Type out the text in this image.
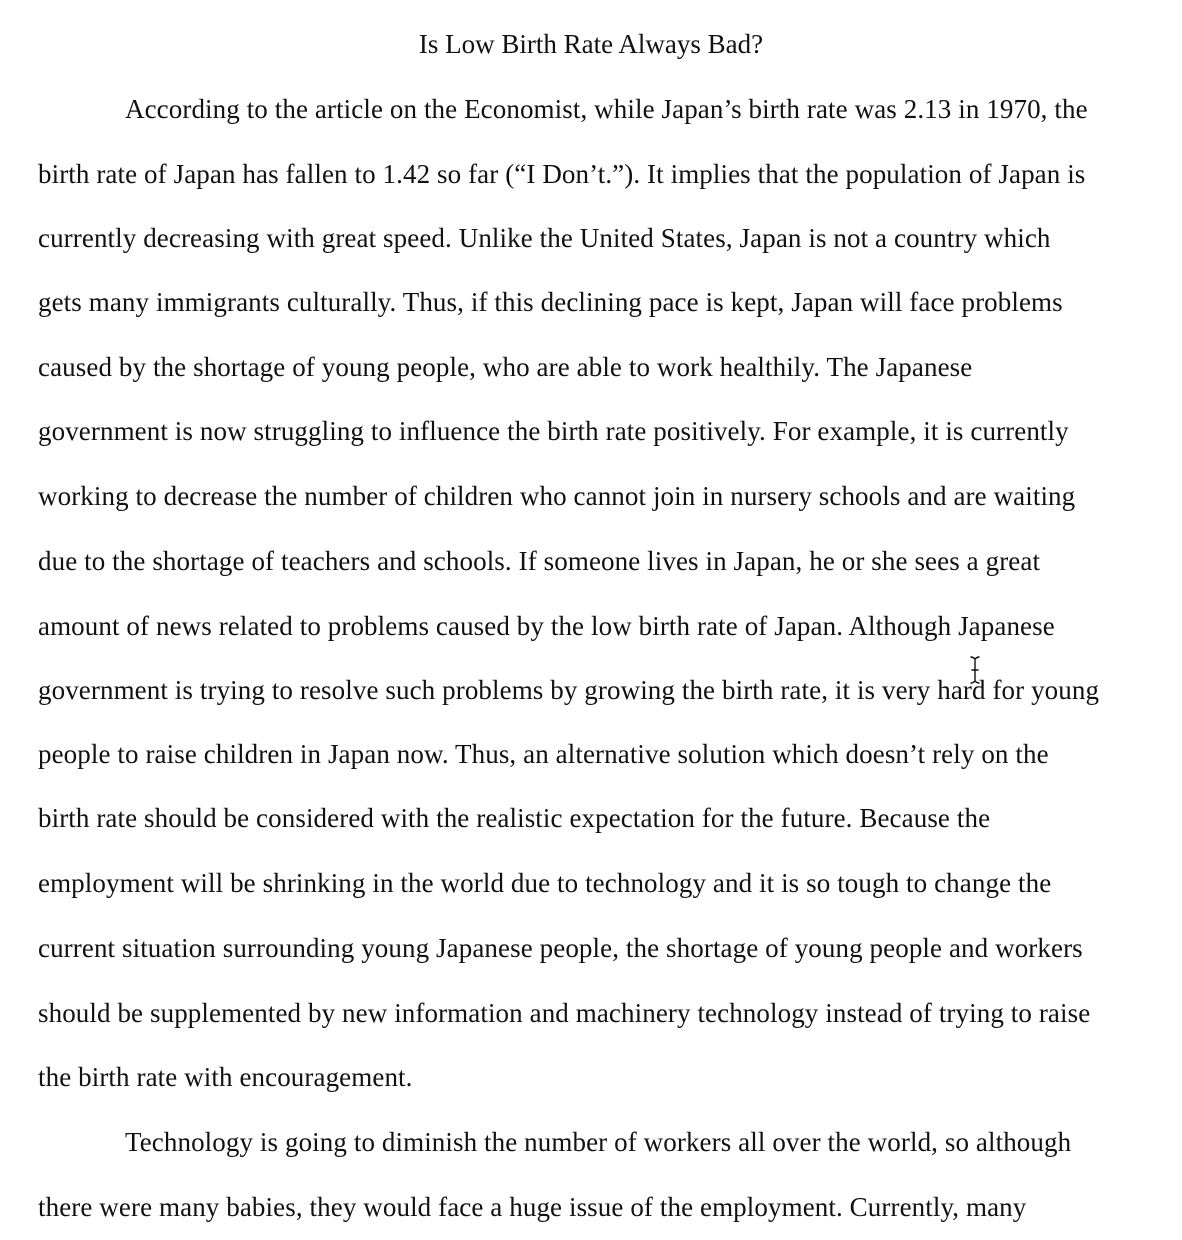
Is Low Birth Rate Always Bad?
According to the article on the Economist, while Japan’s birth rate was 2.13 in 1970, the
birth rate of Japan has fallen to 1.42 so far (“I Don’t.”). It implies that the population of Japan is
currently decreasing with great speed. Unlike the United States, Japan is not a country which
gets many immigrants culturally. Thus, if this declining pace is kept, Japan will face problems
caused by the shortage of young people, who are able to work healthily. The Japanese
government is now struggling to influence the birth rate positively. For example, it is currently
working to decrease the number of children who cannot join in nursery schools and are waiting
due to the shortage of teachers and schools. If someone lives in Japan, he or she sees a great
amount of news related to problems caused by the low birth rate of Japan. Although Japanese
government is trying to resolve such problems by growing the birth rate, it is very hard for young
people to raise children in Japan now. Thus, an alternative solution which doesn’t rely on the
birth rate should be considered with the realistic expectation for the future. Because the
employment will be shrinking in the world due to technology and it is so tough to change the
current situation surrounding young Japanese people, the shortage of young people and workers
should be supplemented by new information and machinery technology instead of trying to raise
the birth rate with encouragement.
Technology is going to diminish the number of workers all over the world, so although
there were many babies, they would face a huge issue of the employment. Currently, many
